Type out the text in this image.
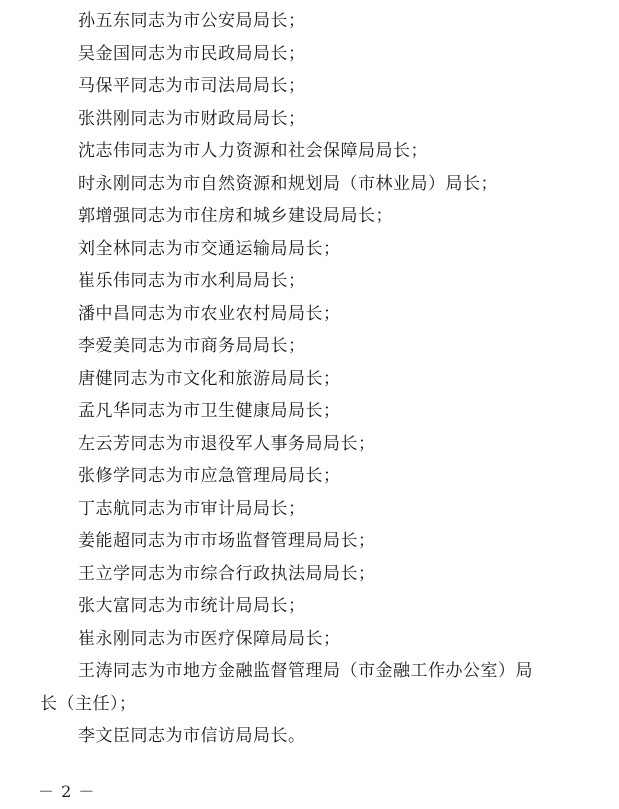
孙五东同志为市公安局局长；
吴金国同志为市民政局局长；
马保平同志为市司法局局长；
张洪刚同志为市财政局局长；
沈志伟同志为市人力资源和社会保障局局长；
时永刚同志为市自然资源和规划局（市林业局）局长；
郭增强同志为市住房和城乡建设局局长；
刘全林同志为市交通运输局局长；
崔乐伟同志为市水利局局长；
潘中昌同志为市农业农村局局长；
李爱美同志为市商务局局长；
唐健同志为市文化和旅游局局长；
孟凡华同志为市卫生健康局局长；
左云芳同志为市退役军人事务局局长；
张修学同志为市应急管理局局长；
丁志航同志为市审计局局长；
姜能超同志为市市场监督管理局局长；
王立学同志为市综合行政执法局局长；
张大富同志为市统计局局长；
崔永刚同志为市医疗保障局局长；
王涛同志为市地方金融监督管理局（市金融工作办公室）局
长（主任）；
李文臣同志为市信访局局长。
－ 2 －
